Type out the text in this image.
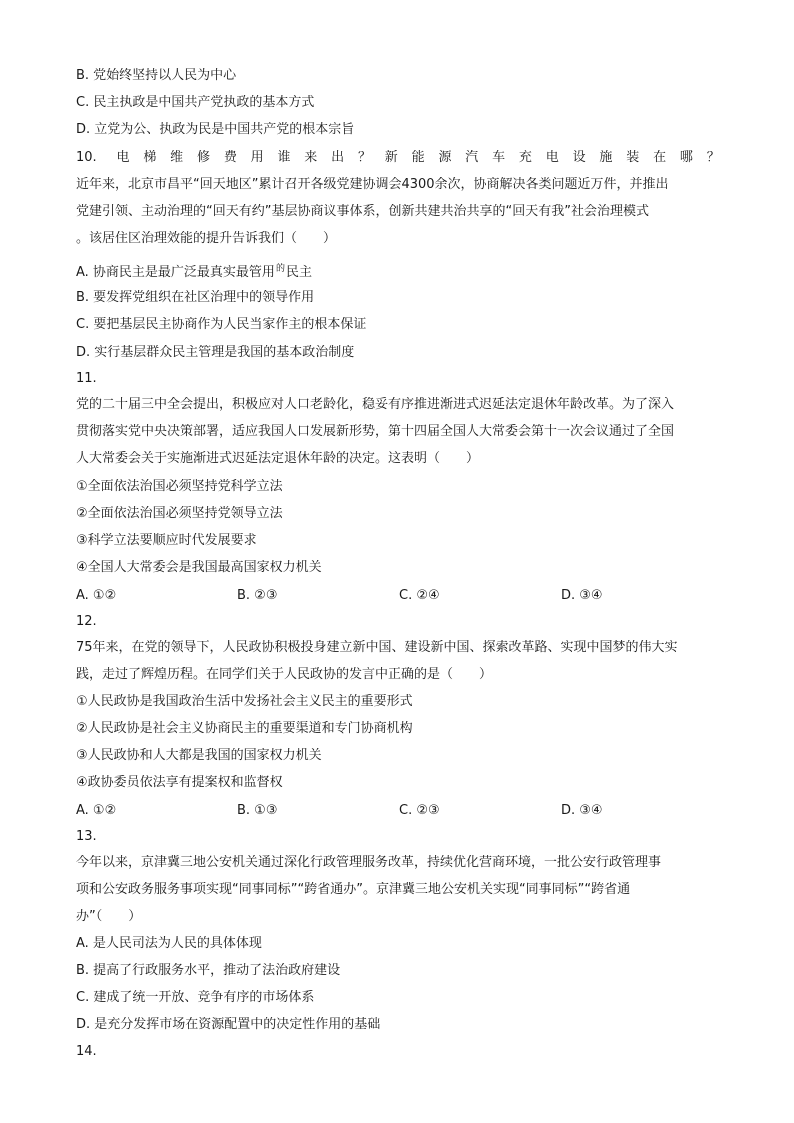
B. 党始终坚持以人民为中心
C. 民主执政是中国共产党执政的基本方式
D. 立党为公、执政为民是中国共产党的根本宗旨
10. 电 梯 维 修 费 用 谁 来 出 ？ 新 能 源 汽 车 充 电 设 施 装 在 哪 ？
近年来，北京市昌平“回天地区”累计召开各级党建协调会4300余次，协商解决各类问题近万件，并推出
党建引领、主动治理的“回天有约”基层协商议事体系，创新共建共治共享的“回天有我”社会治理模式
。该居住区治理效能的提升告诉我们（　　）
A. 协商民主是最广泛最真实最管用$^的$民主
B. 要发挥党组织在社区治理中的领导作用
C. 要把基层民主协商作为人民当家作主的根本保证
D. 实行基层群众民主管理是我国的基本政治制度
11.
党的二十届三中全会提出，积极应对人口老龄化，稳妥有序推进渐进式迟延法定退休年龄改革。为了深入
贯彻落实党中央决策部署，适应我国人口发展新形势，第十四届全国人大常委会第十一次会议通过了全国
人大常委会关于实施渐进式迟延法定退休年龄的决定。这表明（　　）
①全面依法治国必须坚持党科学立法
②全面依法治国必须坚持党领导立法
③科学立法要顺应时代发展要求
④全国人大常委会是我国最高国家权力机关
A. ①②	B. ②③	C. ②④	D. ③④
12.
75年来，在党的领导下，人民政协积极投身建立新中国、建设新中国、探索改革路、实现中国梦的伟大实
践，走过了辉煌历程。在同学们关于人民政协的发言中正确的是（　　）
①人民政协是我国政治生活中发扬社会主义民主的重要形式
②人民政协是社会主义协商民主的重要渠道和专门协商机构
③人民政协和人大都是我国的国家权力机关
④政协委员依法享有提案权和监督权
A. ①②	B. ①③	C. ②③	D. ③④
13.
今年以来，京津冀三地公安机关通过深化行政管理服务改革，持续优化营商环境，一批公安行政管理事
项和公安政务服务事项实现“同事同标”“跨省通办”。京津冀三地公安机关实现“同事同标”“跨省通
办”（　　）
A. 是人民司法为人民的具体体现
B. 提高了行政服务水平，推动了法治政府建设
C. 建成了统一开放、竞争有序的市场体系
D. 是充分发挥市场在资源配置中的决定性作用的基础
14.
